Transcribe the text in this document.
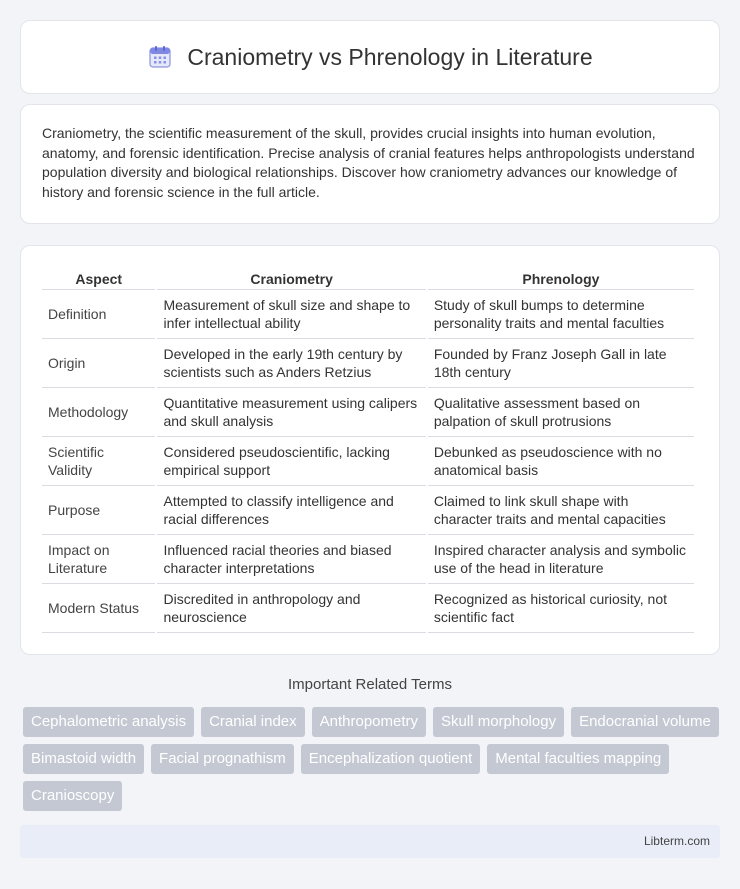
Craniometry vs Phrenology in Literature

Craniometry, the scientific measurement of the skull, provides crucial insights into human evolution, anatomy, and forensic identification. Precise analysis of cranial features helps anthropologists understand population diversity and biological relationships. Discover how craniometry advances our knowledge of history and forensic science in the full article.

Aspect	Craniometry	Phrenology
Definition	Measurement of skull size and shape to infer intellectual ability	Study of skull bumps to determine personality traits and mental faculties
Origin	Developed in the early 19th century by scientists such as Anders Retzius	Founded by Franz Joseph Gall in late 18th century
Methodology	Quantitative measurement using calipers and skull analysis	Qualitative assessment based on palpation of skull protrusions
Scientific Validity	Considered pseudoscientific, lacking empirical support	Debunked as pseudoscience with no anatomical basis
Purpose	Attempted to classify intelligence and racial differences	Claimed to link skull shape with character traits and mental capacities
Impact on Literature	Influenced racial theories and biased character interpretations	Inspired character analysis and symbolic use of the head in literature
Modern Status	Discredited in anthropology and neuroscience	Recognized as historical curiosity, not scientific fact
Important Related Terms
Cephalometric analysis	Cranial index	Anthropometry	Skull morphology	Endocranial volume
Bimastoid width	Facial prognathism	Encephalization quotient	Mental faculties mapping
Cranioscopy
Libterm.com
